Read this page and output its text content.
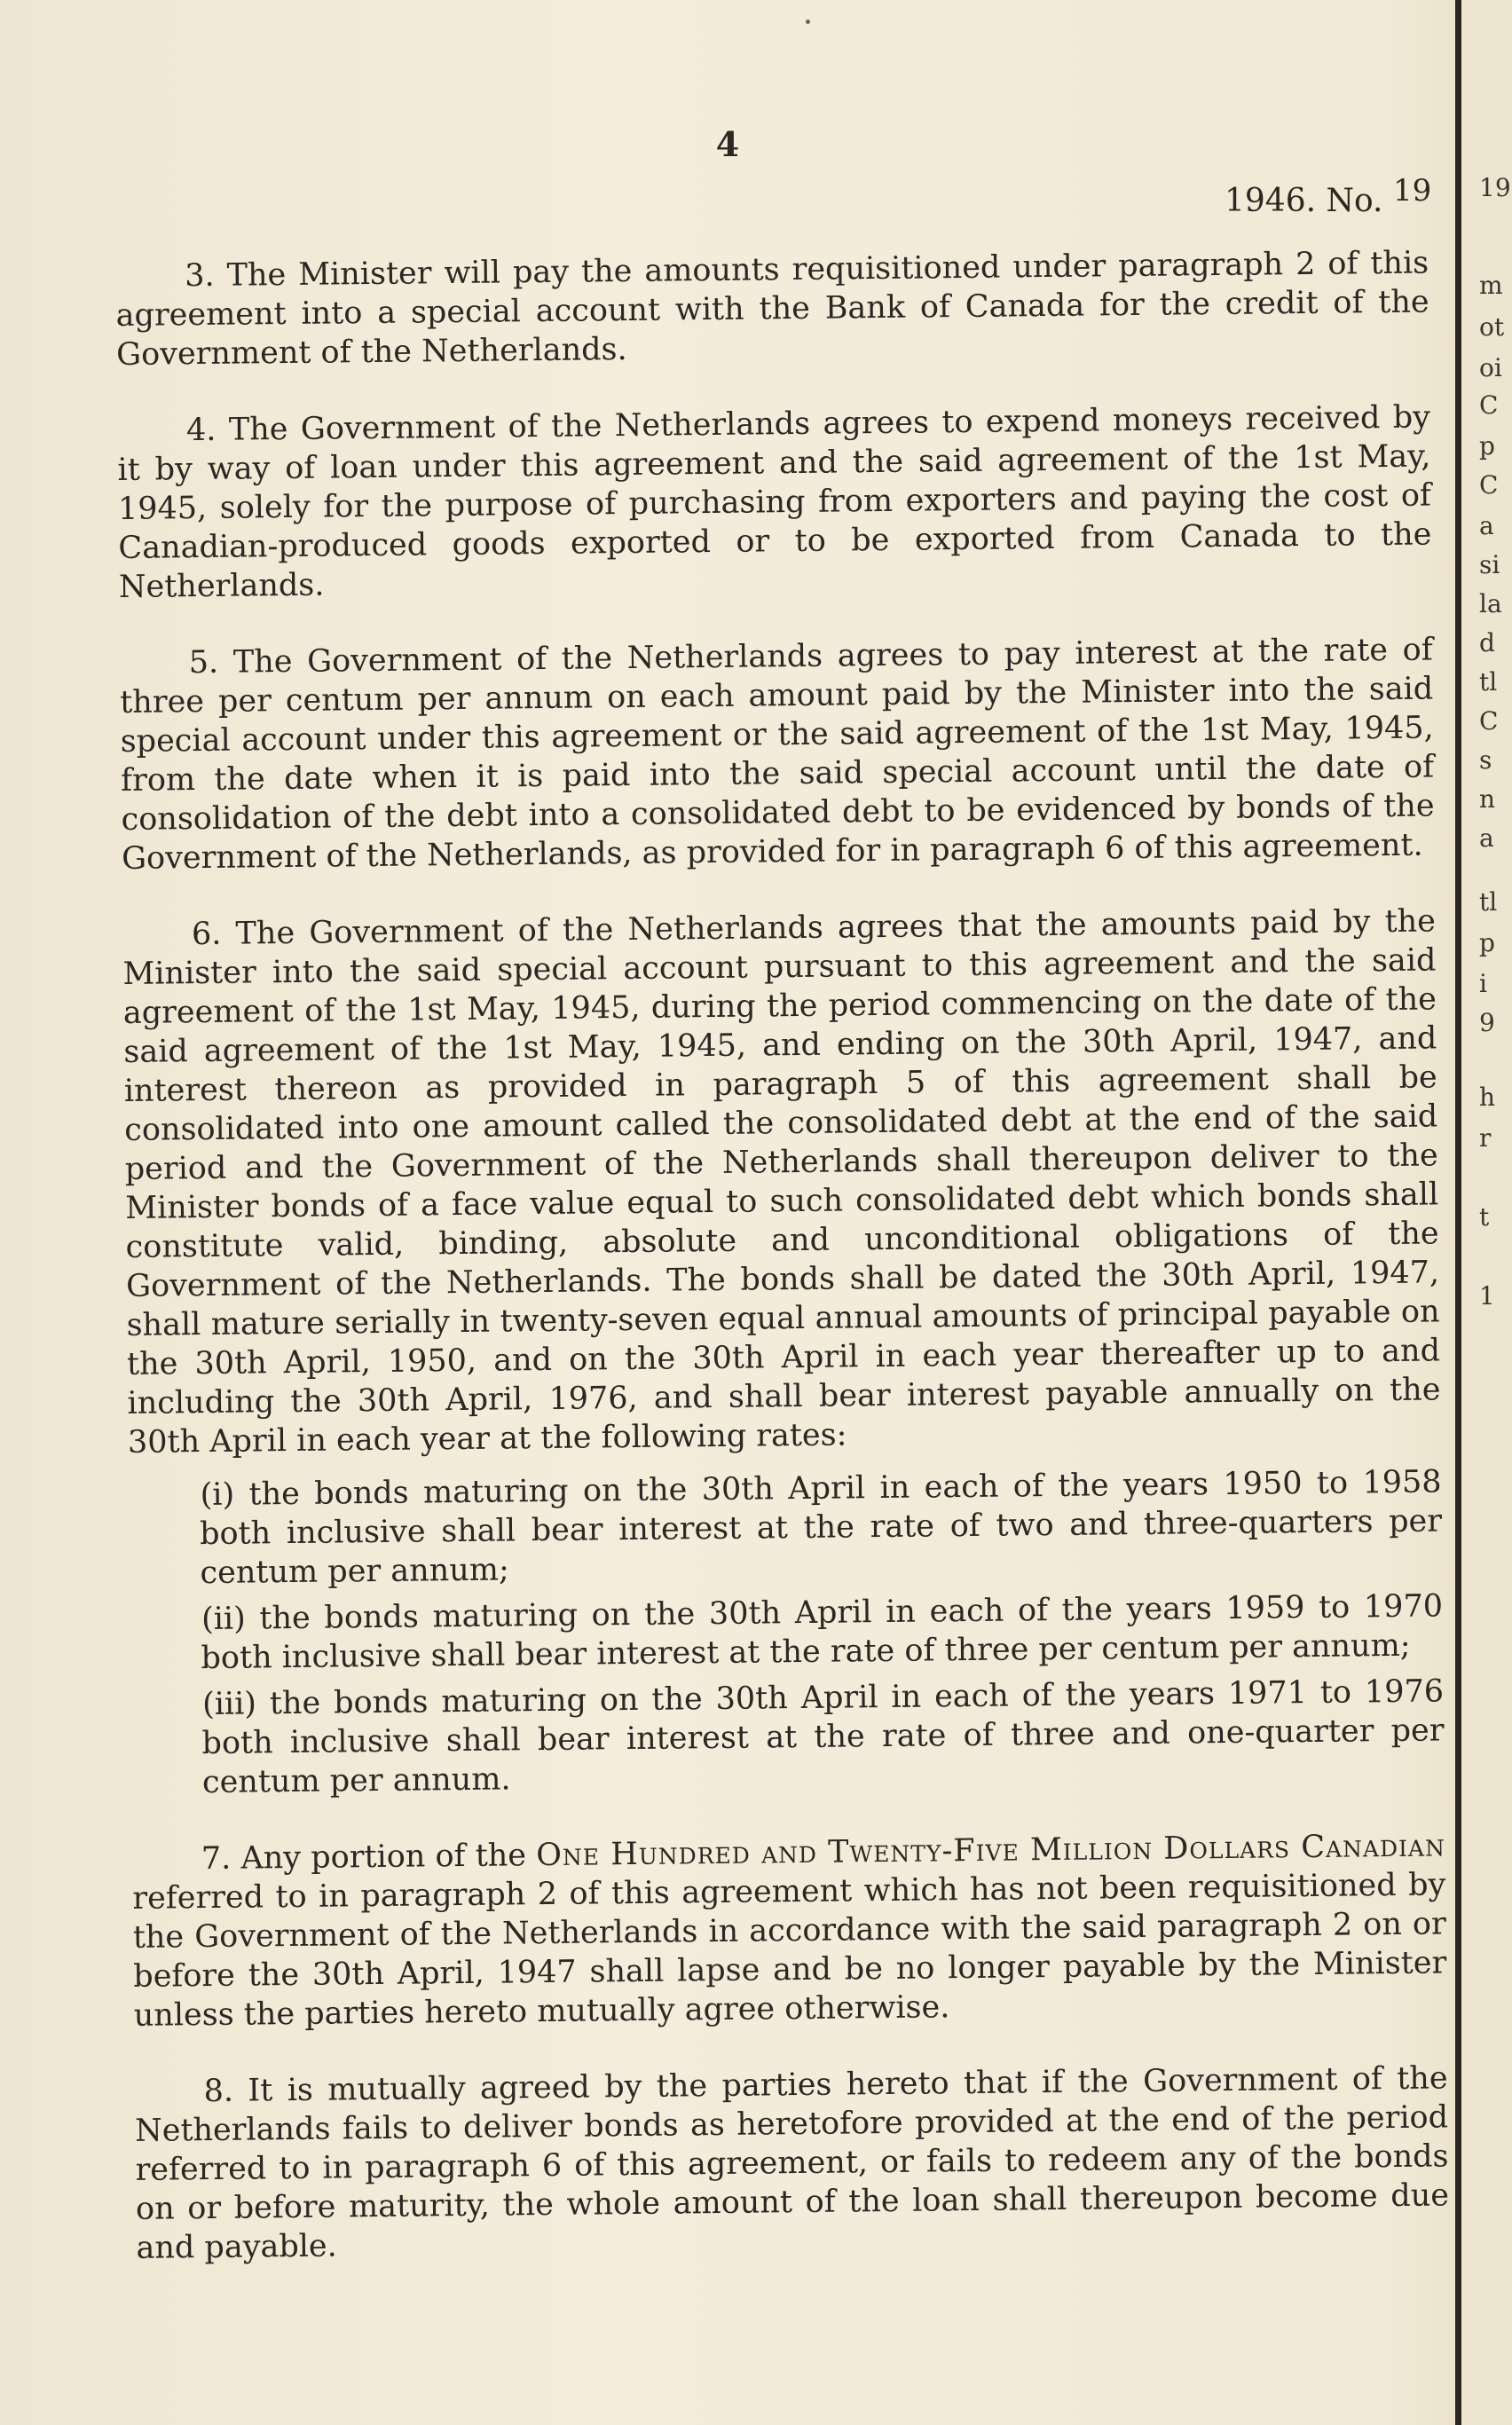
4
1946. No. 19

3. The Minister will pay the amounts requisitioned under paragraph 2 of this agreement into a special account with the Bank of Canada for the credit of the Government of the Netherlands.

4. The Government of the Netherlands agrees to expend moneys received by it by way of loan under this agreement and the said agreement of the 1st May, 1945, solely for the purpose of purchasing from exporters and paying the cost of Canadian-produced goods exported or to be exported from Canada to the Netherlands.

5. The Government of the Netherlands agrees to pay interest at the rate of three per centum per annum on each amount paid by the Minister into the said special account under this agreement or the said agreement of the 1st May, 1945, from the date when it is paid into the said special account until the date of consolidation of the debt into a consolidated debt to be evidenced by bonds of the Government of the Netherlands, as provided for in paragraph 6 of this agreement.

6. The Government of the Netherlands agrees that the amounts paid by the Minister into the said special account pursuant to this agreement and the said agreement of the 1st May, 1945, during the period commencing on the date of the said agreement of the 1st May, 1945, and ending on the 30th April, 1947, and interest thereon as provided in paragraph 5 of this agreement shall be consolidated into one amount called the consolidated debt at the end of the said period and the Government of the Netherlands shall thereupon deliver to the Minister bonds of a face value equal to such consolidated debt which bonds shall constitute valid, binding, absolute and unconditional obligations of the Government of the Netherlands. The bonds shall be dated the 30th April, 1947, shall mature serially in twenty-seven equal annual amounts of principal payable on the 30th April, 1950, and on the 30th April in each year thereafter up to and including the 30th April, 1976, and shall bear interest payable annually on the 30th April in each year at the following rates:

(i) the bonds maturing on the 30th April in each of the years 1950 to 1958 both inclusive shall bear interest at the rate of two and three-quarters per centum per annum;

(ii) the bonds maturing on the 30th April in each of the years 1959 to 1970 both inclusive shall bear interest at the rate of three per centum per annum;

(iii) the bonds maturing on the 30th April in each of the years 1971 to 1976 both inclusive shall bear interest at the rate of three and one-quarter per centum per annum.

7. Any portion of the One Hundred and Twenty-Five Million Dollars Canadian referred to in paragraph 2 of this agreement which has not been requisitioned by the Government of the Netherlands in accordance with the said paragraph 2 on or before the 30th April, 1947 shall lapse and be no longer payable by the Minister unless the parties hereto mutually agree otherwise.

8. It is mutually agreed by the parties hereto that if the Government of the Netherlands fails to deliver bonds as heretofore provided at the end of the period referred to in paragraph 6 of this agreement, or fails to redeem any of the bonds on or before maturity, the whole amount of the loan shall thereupon become due and payable.

19
m
ot
oi
C
p
C
a
si
la
d
tl
C
s
n
a
tl
p
i
9
h
r
t
1
